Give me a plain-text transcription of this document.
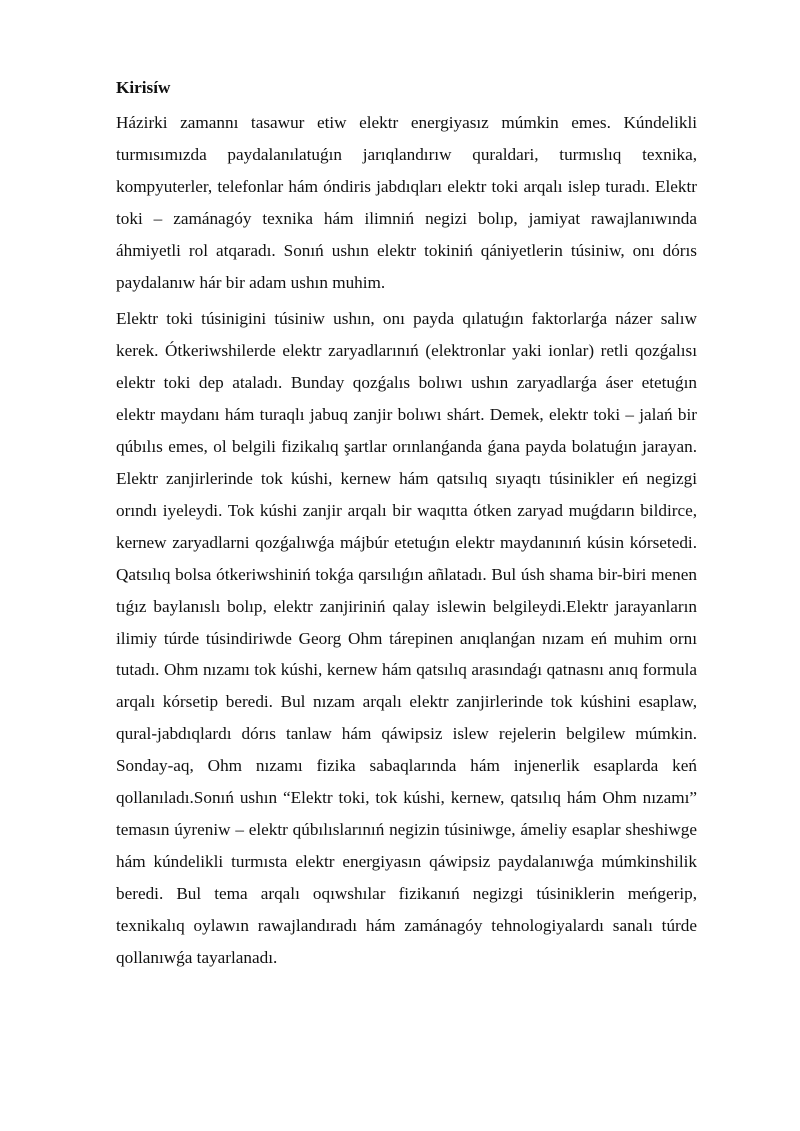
Kirisíw

Házirki zamannı tasawur etiw elektr energiyasız múmkin emes. Kúndelikli turmısımızda paydalanılatuǵın jarıqlandırıw quraldari, turmıslıq texnika, kompyuterler, telefonlar hám óndiris jabdıqları elektr toki arqalı islep turadı. Elektr toki – zamánagóy texnika hám ilimniń negizi bolıp, jamiyat rawajlanıwında áhmiyetli rol atqaradı. Sonıń ushın elektr tokiniń qániyetlerin túsiniw, onı dórıs paydalanıw hár bir adam ushın muhim.

Elektr toki túsinigini túsiniw ushın, onı payda qılatuǵın faktorlarǵa názer salıw kerek. Ótkeriwshilerde elektr zaryadlarınıń (elektronlar yaki ionlar) retli qozǵalısı elektr toki dep ataladı. Bunday qozǵalıs bolıwı ushın zaryadlarǵa áser etetuǵın elektr maydanı hám turaqlı jabuq zanjir bolıwı shárt. Demek, elektr toki – jalań bir qúbılıs emes, ol belgili fizikalıq şartlar orınlanǵanda ǵana payda bolatuǵın jarayan. Elektr zanjirlerinde tok kúshi, kernew hám qatsılıq sıyaqtı túsinikler eń negizgi orındı iyeleydi. Tok kúshi zanjir arqalı bir waqıtta ótken zaryad muǵdarın bildirce, kernew zaryadlarni qozǵalıwǵa májbúr etetuǵın elektr maydanınıń kúsin kórsetedi. Qatsılıq bolsa ótkeriwshiniń tokǵa qarsılıǵın añlatadı. Bul úsh shama bir-biri menen tıǵız baylanıslı bolıp, elektr zanjiriniń qalay islewin belgileydi.Elektr jarayanların ilimiy túrde túsindiriwde Georg Ohm tárepinen anıqlanǵan nızam eń muhim ornı tutadı. Ohm nızamı tok kúshi, kernew hám qatsılıq arasındaǵı qatnasnı anıq formula arqalı kórsetip beredi. Bul nızam arqalı elektr zanjirlerinde tok kúshini esaplaw, qural-jabdıqlardı dórıs tanlaw hám qáwipsiz islew rejelerin belgilew múmkin. Sonday-aq, Ohm nızamı fizika sabaqlarında hám injenerlik esaplarda keń qollanıladı.Sonıń ushın “Elektr toki, tok kúshi, kernew, qatsılıq hám Ohm nızamı” temasın úyreniw – elektr qúbılıslarınıń negizin túsiniwge, ámeliy esaplar sheshiwge hám kúndelikli turmısta elektr energiyasın qáwipsiz paydalanıwǵa múmkinshilik beredi. Bul tema arqalı oqıwshılar fizikanıń negizgi túsiniklerin meńgerip, texnikalıq oylawın rawajlandıradı hám zamánagóy tehnologiyalardı sanalı túrde qollanıwǵa tayarlanadı.
